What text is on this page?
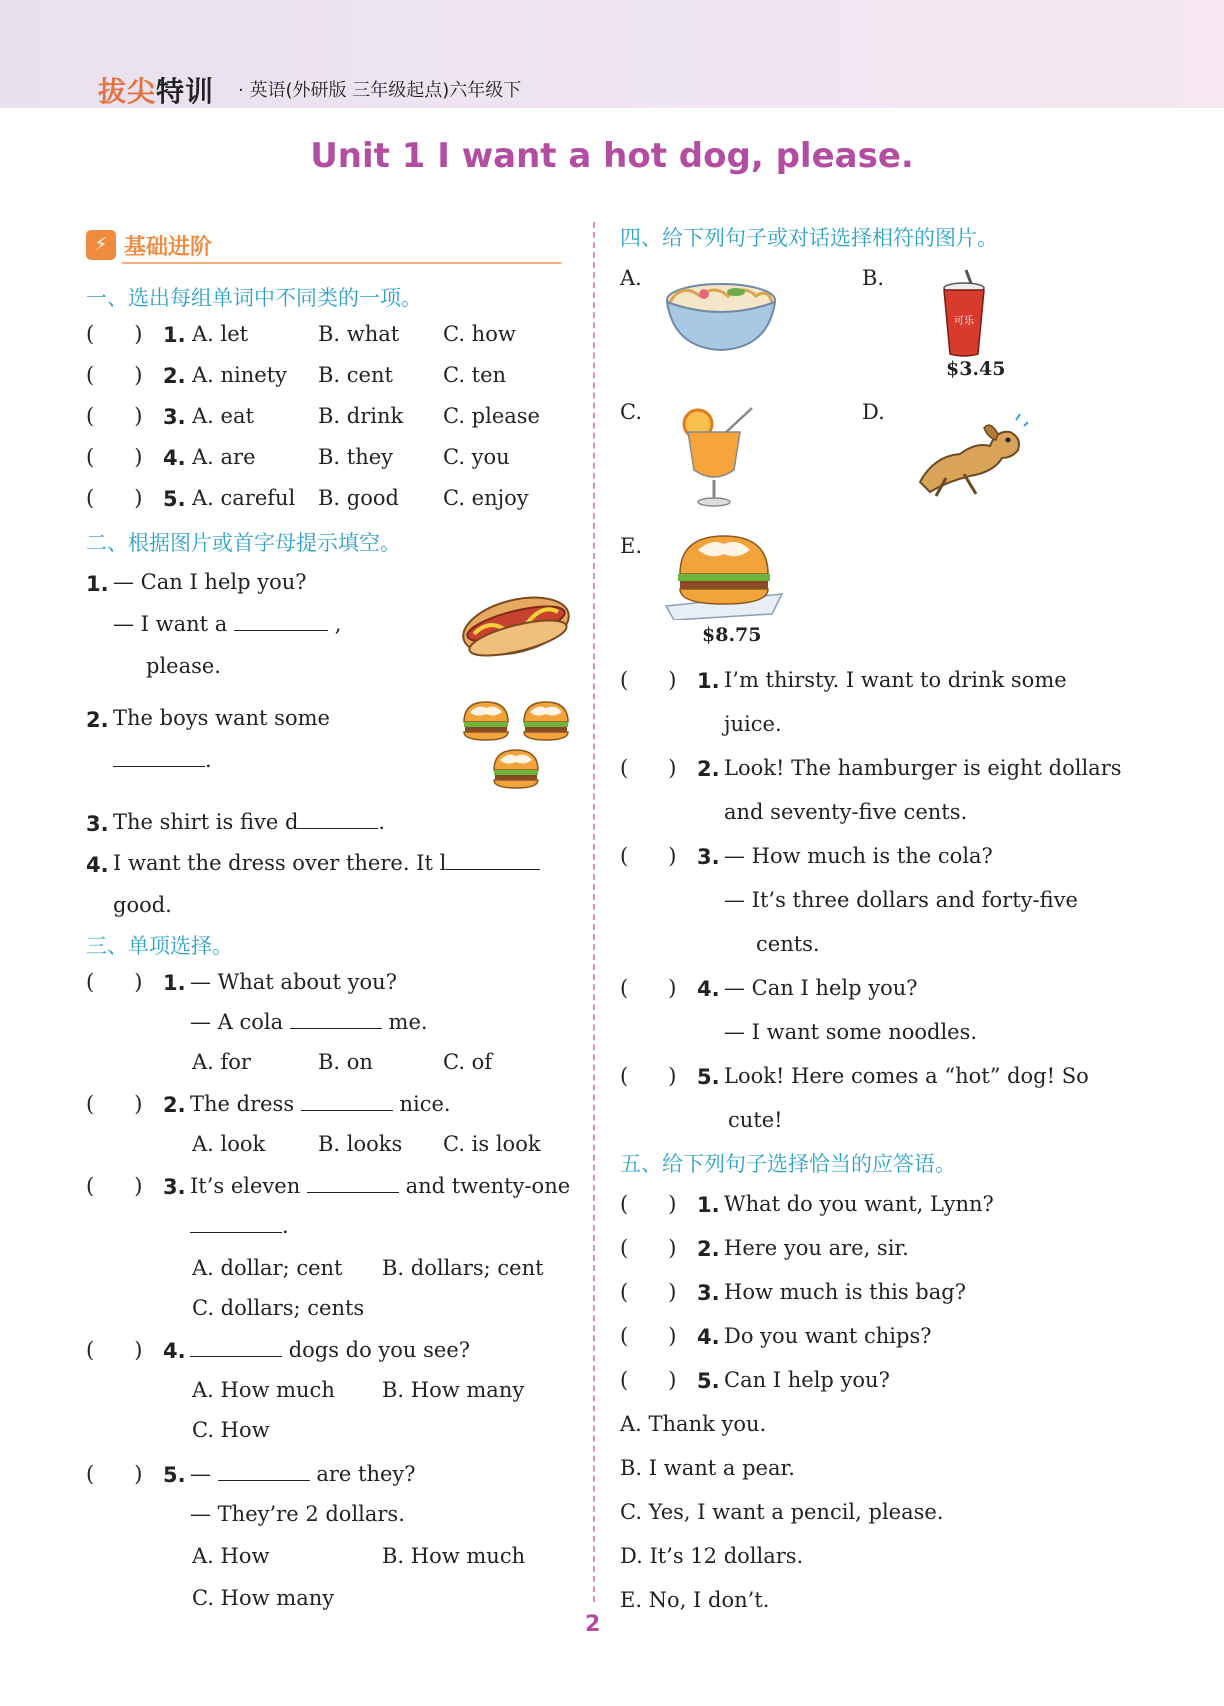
拔尖特训 · 英语(外研版 三年级起点)六年级下
Unit 1 I want a hot dog, please.
⚡ 基础进阶
一、选出每组单词中不同类的一项。
(      ) 1. A. let	B. what C. how
(      ) 2. A. ninety B. cent C. ten
(      ) 3. A. eat	B. drink C. please
(      ) 4. A. are	B. they C. you
(      ) 5. A. careful B. good C. enjoy
二、根据图片或首字母提示填空。
1. — Can I help you?
— I want a	,
please.
2. The boys want some
.
3. The shirt is five d	.
4. I want the dress over there. It l
good.
三、单项选择。
(      ) 1. — What about you?
— A cola	me.
A. for	B. on	C. of
(      ) 2. The dress	nice.
A. look	B. looks C. is look
(      ) 3. It’s eleven	and twenty-one
.
A. dollar; cent B. dollars; cent
C. dollars; cents
(      ) 4.	dogs do you see?
A. How much B. How many
C. How
(      ) 5. —	are they?
— They’re 2 dollars.
A. How	B. How much
C. How many
四、给下列句子或对话选择相符的图片。
A.	B.
可乐
$3.45
C.	D.
E.
$8.75
(      ) 1. I’m thirsty. I want to drink some
juice.
(      ) 2. Look! The hamburger is eight dollars
and seventy-five cents.
(      ) 3. — How much is the cola?
— It’s three dollars and forty-five
cents.
(      ) 4. — Can I help you?
— I want some noodles.
(      ) 5. Look! Here comes a “hot” dog! So
cute!
五、给下列句子选择恰当的应答语。
(      ) 1. What do you want, Lynn?
(      ) 2. Here you are, sir.
(      ) 3. How much is this bag?
(      ) 4. Do you want chips?
(      ) 5. Can I help you?
A. Thank you.
B. I want a pear.
C. Yes, I want a pencil, please.
D. It’s 12 dollars.
E. No, I don’t.
2
